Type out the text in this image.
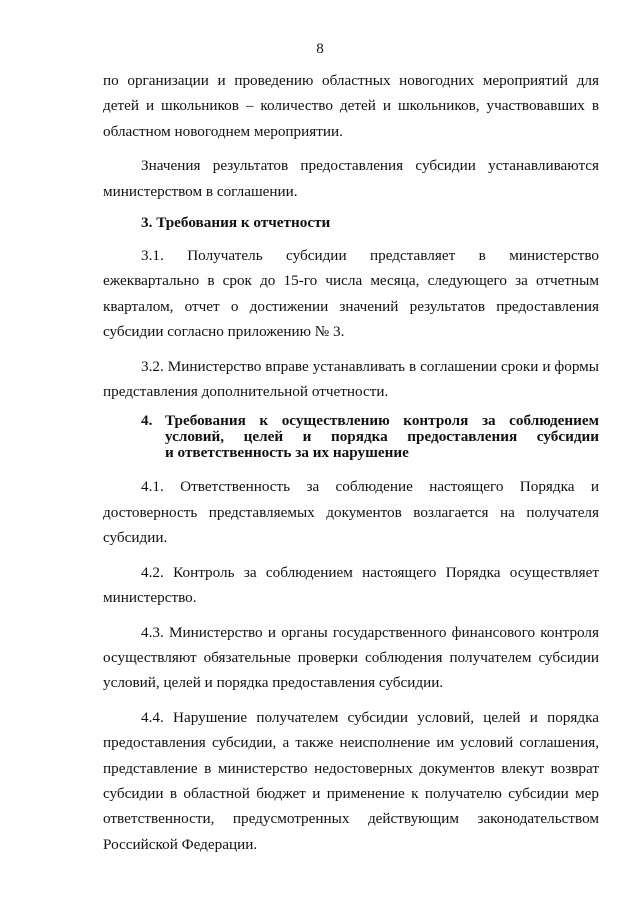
8

по организации и проведению областных новогодних мероприятий для детей и школьников – количество детей и школьников, участвовавших в областном новогоднем мероприятии.

Значения результатов предоставления субсидии устанавливаются министерством в соглашении.

3. Требования к отчетности

3.1. Получатель субсидии представляет в министерство ежеквартально в срок до 15-го числа месяца, следующего за отчетным кварталом, отчет о достижении значений результатов предоставления субсидии согласно приложению № 3.

3.2. Министерство вправе устанавливать в соглашении сроки и формы представления дополнительной отчетности.

4. Требования к осуществлению контроля за соблюдением
условий, целей и порядка предоставления субсидии
и ответственность за их нарушение

4.1. Ответственность за соблюдение настоящего Порядка и достоверность представляемых документов возлагается на получателя субсидии.

4.2. Контроль за соблюдением настоящего Порядка осуществляет министерство.

4.3. Министерство и органы государственного финансового контроля осуществляют обязательные проверки соблюдения получателем субсидии условий, целей и порядка предоставления субсидии.

4.4. Нарушение получателем субсидии условий, целей и порядка предоставления субсидии, а также неисполнение им условий соглашения, представление в министерство недостоверных документов влекут возврат субсидии в областной бюджет и применение к получателю субсидии мер ответственности, предусмотренных действующим законодательством Российской Федерации.
